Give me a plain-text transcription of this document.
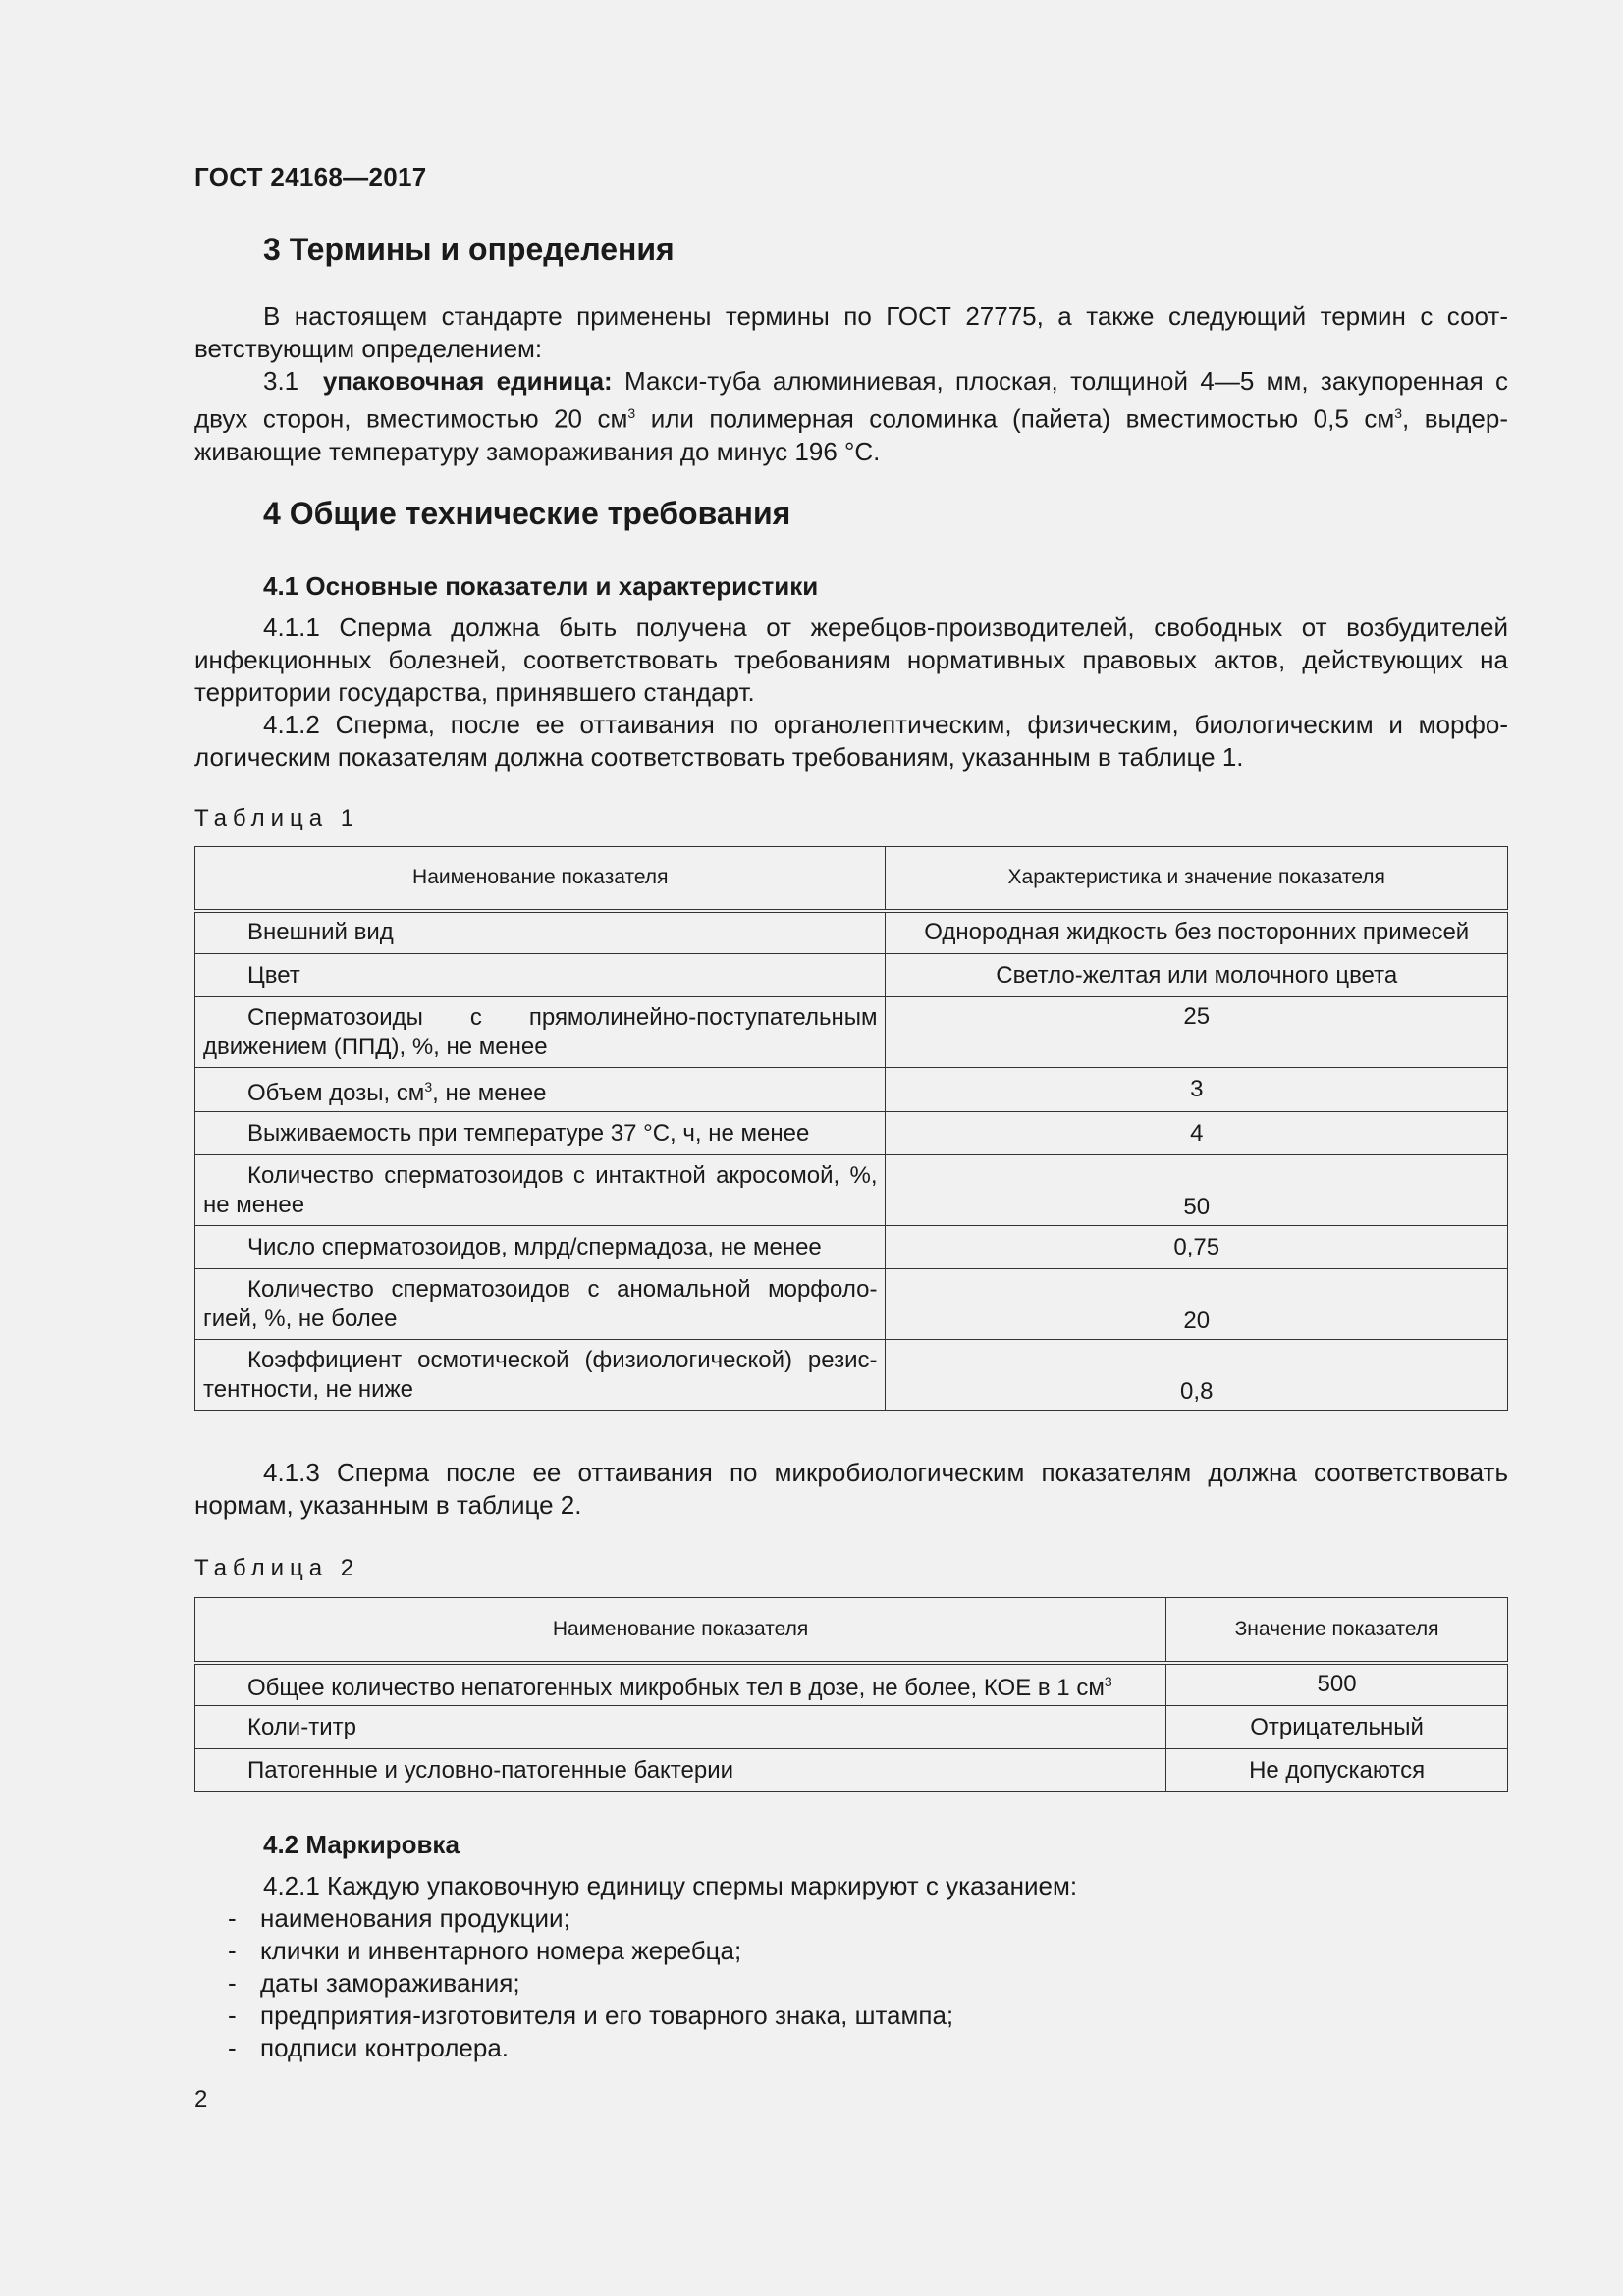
ГОСТ 24168—2017
3 Термины и определения
В настоящем стандарте применены термины по ГОСТ 27775, а также следующий термин с соответствующим определением:
3.1 упаковочная единица: Макси-туба алюминиевая, плоская, толщиной 4—5 мм, закупоренная с двух сторон, вместимостью 20 $см^3$ или полимерная соломинка (пайета) вместимостью 0,5 $см^3$, выдерживающие температуру замораживания до минус 196 °С.
4 Общие технические требования
4.1 Основные показатели и характеристики
4.1.1 Сперма должна быть получена от жеребцов-производителей, свободных от возбудителей инфекционных болезней, соответствовать требованиям нормативных правовых актов, действующих на территории государства, принявшего стандарт.
4.1.2 Сперма, после ее оттаивания по органолептическим, физическим, биологическим и морфологическим показателям должна соответствовать требованиям, указанным в таблице 1.
Таблица 1
Наименование показателя	Характеристика и значение показателя
Внешний вид	Однородная жидкость без посторонних примесей
Цвет	Светло-желтая или молочного цвета
Сперматозоиды с прямолинейно-поступательным движением (ППД), %, не менее	25
Объем дозы, $см^3$, не менее	3
Выживаемость при температуре 37 °С, ч, не менее	4
Количество сперматозоидов с интактной акросомой, %, не менее	50
Число сперматозоидов, млрд/спермадоза, не менее	0,75
Количество сперматозоидов с аномальной морфологией, %, не более	20
Коэффициент осмотической (физиологической) резистентности, не ниже	0,8
4.1.3 Сперма после ее оттаивания по микробиологическим показателям должна соответствовать нормам, указанным в таблице 2.
Таблица 2
Наименование показателя	Значение показателя
Общее количество непатогенных микробных тел в дозе, не более, КОЕ в 1 $см^3$	500
Коли-титр	Отрицательный
Патогенные и условно-патогенные бактерии	Не допускаются
4.2 Маркировка
4.2.1 Каждую упаковочную единицу спермы маркируют с указанием:
- наименования продукции;
- клички и инвентарного номера жеребца;
- даты замораживания;
- предприятия-изготовителя и его товарного знака, штампа;
- подписи контролера.
2
